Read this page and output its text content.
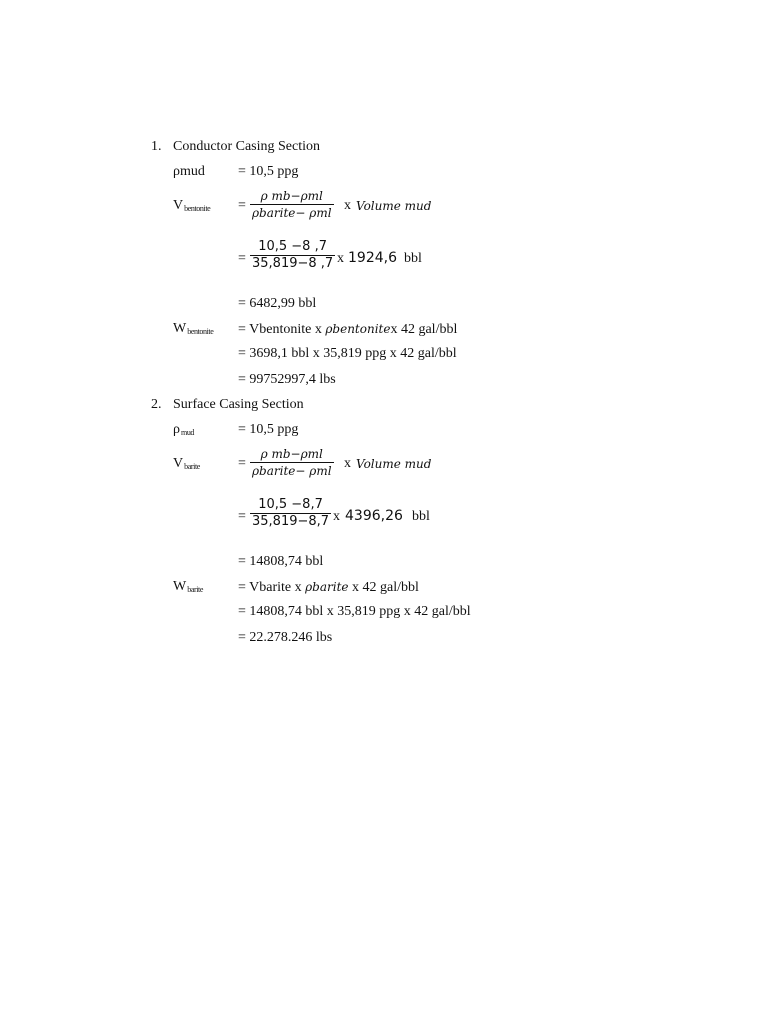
1. Conductor Casing Section
ρmud = 10,5 ppg
Vbentonite =
ρ mb−ρml
ρbarite− ρml x Volume mud
=
10,5 −8 ,7
35,819−8 ,7 x 1924,6 bbl
= 6482,99 bbl
Wbentonite = Vbentonite x ρbentonitex 42 gal/bbl
= 3698,1 bbl x 35,819 ppg x 42 gal/bbl
= 99752997,4 lbs
2. Surface Casing Section
ρmud	= 10,5 ppg
Vbarite	=
ρ mb−ρml
ρbarite− ρml x Volume mud
=
10,5 −8,7
35,819−8,7 x 4396,26 bbl
= 14808,74 bbl
Wbarite = Vbarite x ρbarite x 42 gal/bbl
= 14808,74 bbl x 35,819 ppg x 42 gal/bbl
= 22.278.246 lbs
